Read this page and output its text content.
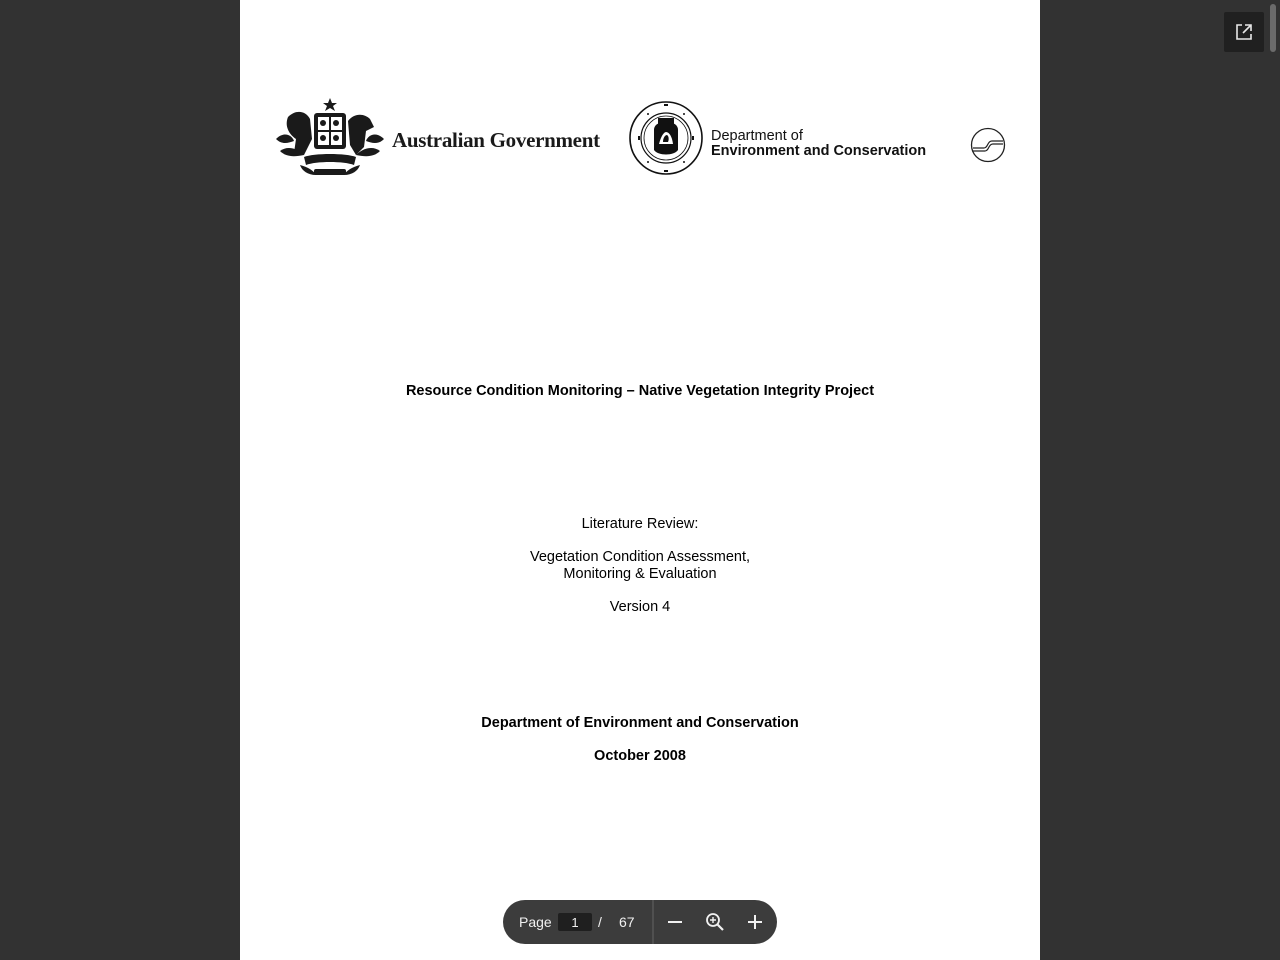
Australian Government	Department of
Environment and Conservation
Resource Condition Monitoring – Native Vegetation Integrity Project
Literature Review:
Vegetation Condition Assessment,
Monitoring & Evaluation
Version 4
Department of Environment and Conservation
October 2008
Page
1	/ 67
